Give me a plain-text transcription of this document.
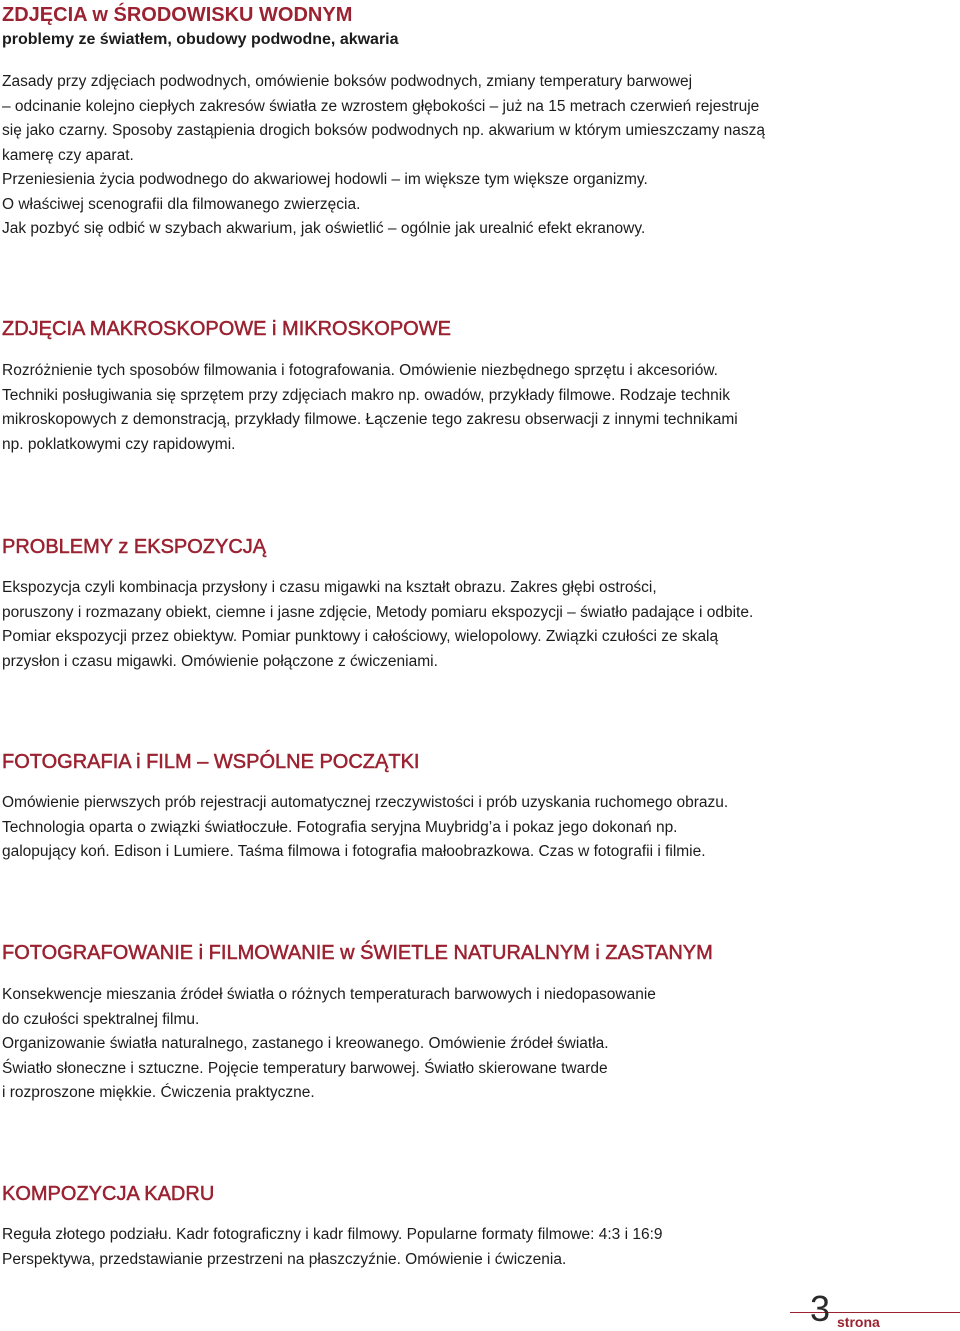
ZDJĘCIA w ŚRODOWISKU WODNYM
problemy ze światłem, obudowy podwodne, akwaria
Zasady przy zdjęciach podwodnych, omówienie boksów podwodnych, zmiany temperatury barwowej
– odcinanie kolejno ciepłych zakresów światła ze wzrostem głębokości – już na 15 metrach czerwień rejestruje
się jako czarny. Sposoby zastąpienia drogich boksów podwodnych np. akwarium w którym umieszczamy naszą
kamerę czy aparat.
Przeniesienia życia podwodnego do akwariowej hodowli – im większe tym większe organizmy.
O właściwej scenografii dla filmowanego zwierzęcia.
Jak pozbyć się odbić w szybach akwarium, jak oświetlić – ogólnie jak urealnić efekt ekranowy.
ZDJĘCIA MAKROSKOPOWE i MIKROSKOPOWE
Rozróżnienie tych sposobów filmowania i fotografowania. Omówienie niezbędnego sprzętu i akcesoriów.
Techniki posługiwania się sprzętem przy zdjęciach makro np. owadów, przykłady filmowe. Rodzaje technik
mikroskopowych z demonstracją, przykłady filmowe. Łączenie tego zakresu obserwacji z innymi technikami
np. poklatkowymi czy rapidowymi.
PROBLEMY z EKSPOZYCJĄ
Ekspozycja czyli kombinacja przysłony i czasu migawki na kształt obrazu. Zakres głębi ostrości,
poruszony i rozmazany obiekt, ciemne i jasne zdjęcie, Metody pomiaru ekspozycji – światło padające i odbite.
Pomiar ekspozycji przez obiektyw. Pomiar punktowy i całościowy, wielopolowy. Związki czułości ze skalą
przysłon i czasu migawki. Omówienie połączone z ćwiczeniami.
FOTOGRAFIA i FILM – WSPÓLNE POCZĄTKI
Omówienie pierwszych prób rejestracji automatycznej rzeczywistości i prób uzyskania ruchomego obrazu.
Technologia oparta o związki światłoczułe. Fotografia seryjna Muybridg’a i pokaz jego dokonań np.
galopujący koń. Edison i Lumiere. Taśma filmowa i fotografia małoobrazkowa. Czas w fotografii i filmie.
FOTOGRAFOWANIE i FILMOWANIE w ŚWIETLE NATURALNYM i ZASTANYM
Konsekwencje mieszania źródeł światła o różnych temperaturach barwowych i niedopasowanie
do czułości spektralnej filmu.
Organizowanie światła naturalnego, zastanego i kreowanego. Omówienie źródeł światła.
Światło słoneczne i sztuczne. Pojęcie temperatury barwowej. Światło skierowane twarde
i rozproszone miękkie. Ćwiczenia praktyczne.
KOMPOZYCJA KADRU
Reguła złotego podziału. Kadr fotograficzny i kadr filmowy. Popularne formaty filmowe: 4:3 i 16:9
Perspektywa, przedstawianie przestrzeni na płaszczyźnie. Omówienie i ćwiczenia.
3 strona
